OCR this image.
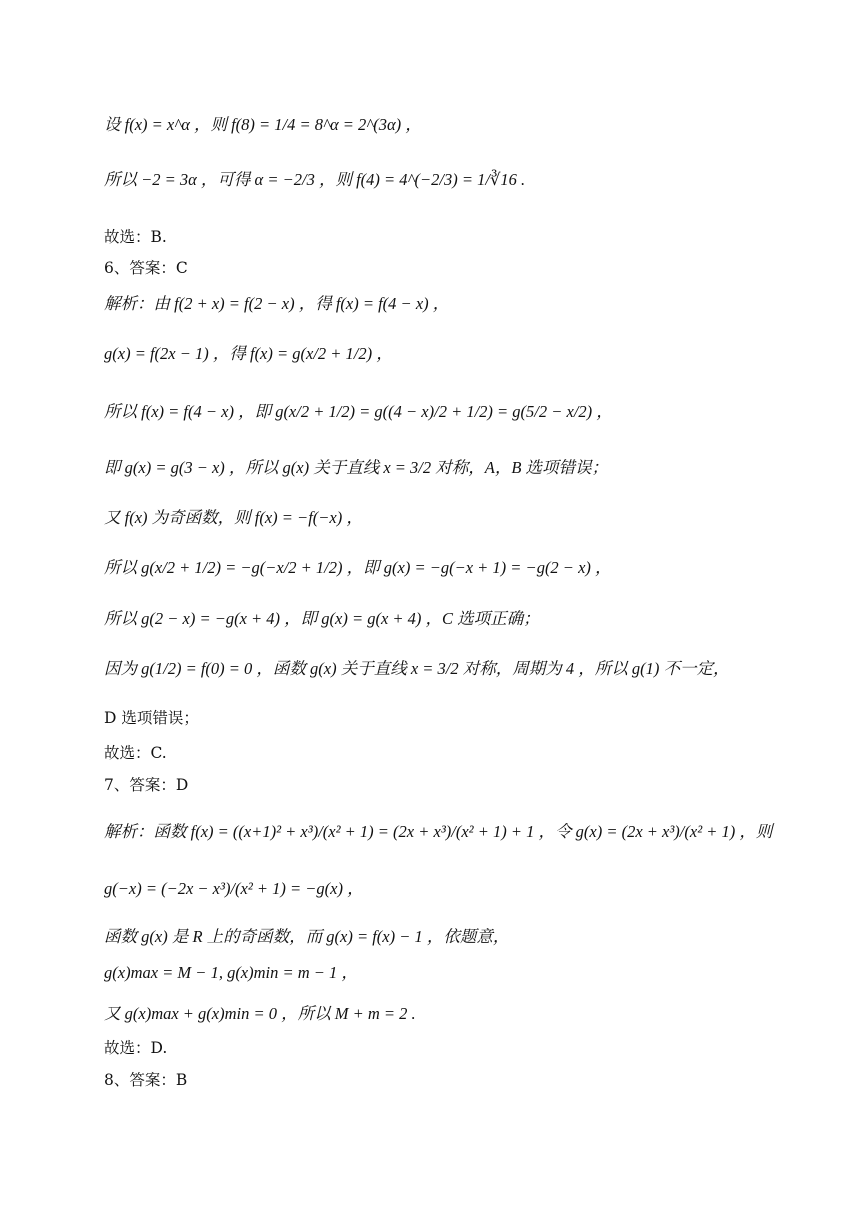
设 f(x) = x^α ，则 f(8) = 1/4 = 8^α = 2^(3α) ，
所以 −2 = 3α ，可得 α = −2/3 ，则 f(4) = 4^(−2/3) = 1/∛16 .
故选：B.
6、答案：C
解析：由 f(2 + x) = f(2 − x) ，得 f(x) = f(4 − x) ，
g(x) = f(2x − 1) ，得 f(x) = g(x/2 + 1/2) ，
所以 f(x) = f(4 − x) ，即 g(x/2 + 1/2) = g((4 − x)/2 + 1/2) = g(5/2 − x/2) ，
即 g(x) = g(3 − x) ，所以 g(x) 关于直线 x = 3/2 对称，A，B 选项错误；
又 f(x) 为奇函数，则 f(x) = −f(−x) ，
所以 g(x/2 + 1/2) = −g(−x/2 + 1/2) ，即 g(x) = −g(−x + 1) = −g(2 − x) ，
所以 g(2 − x) = −g(x + 4) ，即 g(x) = g(x + 4) ，C 选项正确；
因为 g(1/2) = f(0) = 0 ，函数 g(x) 关于直线 x = 3/2 对称，周期为 4 ，所以 g(1) 不一定，
D 选项错误；
故选：C.
7、答案：D
解析：函数 f(x) = ((x+1)² + x³)/(x² + 1) = (2x + x³)/(x² + 1) + 1 ，令 g(x) = (2x + x³)/(x² + 1) ，则
g(−x) = (−2x − x³)/(x² + 1) = −g(x) ，
函数 g(x) 是 R 上的奇函数，而 g(x) = f(x) − 1 ，依题意，
g(x)max = M − 1, g(x)min = m − 1 ，
又 g(x)max + g(x)min = 0 ，所以 M + m = 2 .
故选：D.
8、答案：B
